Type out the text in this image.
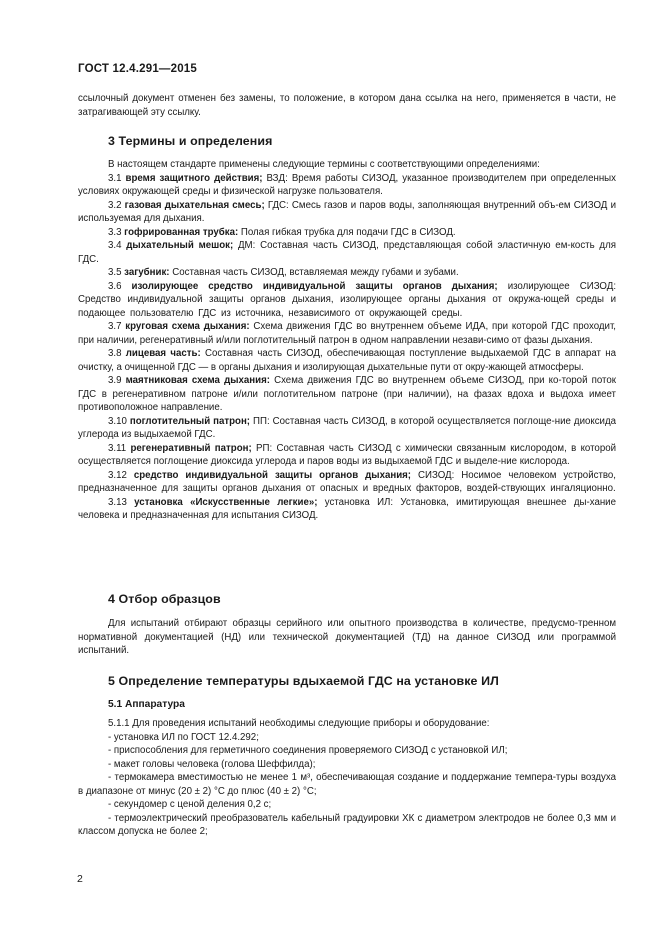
ГОСТ 12.4.291—2015

ссылочный документ отменен без замены, то положение, в котором дана ссылка на него, применяется в части, не затрагивающей эту ссылку.

3 Термины и определения

В настоящем стандарте применены следующие термины с соответствующими определениями:

3.1 время защитного действия; ВЗД: Время работы СИЗОД, указанное производителем при определенных условиях окружающей среды и физической нагрузке пользователя.

3.2 газовая дыхательная смесь; ГДС: Смесь газов и паров воды, заполняющая внутренний объ-ем СИЗОД и используемая для дыхания.

3.3 гофрированная трубка: Полая гибкая трубка для подачи ГДС в СИЗОД.

3.4 дыхательный мешок; ДМ: Составная часть СИЗОД, представляющая собой эластичную ем-кость для ГДС.

3.5 загубник: Составная часть СИЗОД, вставляемая между губами и зубами.

3.6 изолирующее средство индивидуальной защиты органов дыхания; изолирующее СИЗОД: Средство индивидуальной защиты органов дыхания, изолирующее органы дыхания от окружа-ющей среды и подающее пользователю ГДС из источника, независимого от окружающей среды.

3.7 круговая схема дыхания: Схема движения ГДС во внутреннем объеме ИДА, при которой ГДС проходит, при наличии, регенеративный и/или поглотительный патрон в одном направлении незави-симо от фазы дыхания.

3.8 лицевая часть: Составная часть СИЗОД, обеспечивающая поступление выдыхаемой ГДС в аппарат на очистку, а очищенной ГДС — в органы дыхания и изолирующая дыхательные пути от окру-жающей атмосферы.

3.9 маятниковая схема дыхания: Схема движения ГДС во внутреннем объеме СИЗОД, при ко-торой поток ГДС в регенеративном патроне и/или поглотительном патроне (при наличии), на фазах вдоха и выдоха имеет противоположное направление.

3.10 поглотительный патрон; ПП: Составная часть СИЗОД, в которой осуществляется поглоще-ние диоксида углерода из выдыхаемой ГДС.

3.11 регенеративный патрон; РП: Составная часть СИЗОД с химически связанным кислородом, в которой осуществляется поглощение диоксида углерода и паров воды из выдыхаемой ГДС и выделе-ние кислорода.

3.12 средство индивидуальной защиты органов дыхания; СИЗОД: Носимое человеком устройство, предназначенное для защиты органов дыхания от опасных и вредных факторов, воздей-ствующих ингаляционно.

3.13 установка «Искусственные легкие»; установка ИЛ: Установка, имитирующая внешнее ды-хание человека и предназначенная для испытания СИЗОД.

4 Отбор образцов

Для испытаний отбирают образцы серийного или опытного производства в количестве, предусмо-тренном нормативной документацией (НД) или технической документацией (ТД) на данное СИЗОД или программой испытаний.

5 Определение температуры вдыхаемой ГДС на установке ИЛ
5.1 Аппаратура

5.1.1 Для проведения испытаний необходимы следующие приборы и оборудование:

- установка ИЛ по ГОСТ 12.4.292;

- приспособления для герметичного соединения проверяемого СИЗОД с установкой ИЛ;

- макет головы человека (голова Шеффилда);

- термокамера вместимостью не менее 1 м³, обеспечивающая создание и поддержание темпера-туры воздуха в диапазоне от минус (20 ± 2) °С до плюс (40 ± 2) °С;

- секундомер с ценой деления 0,2 с;

- термоэлектрический преобразователь кабельный градуировки ХК с диаметром электродов не более 0,3 мм и классом допуска не более 2;

2
